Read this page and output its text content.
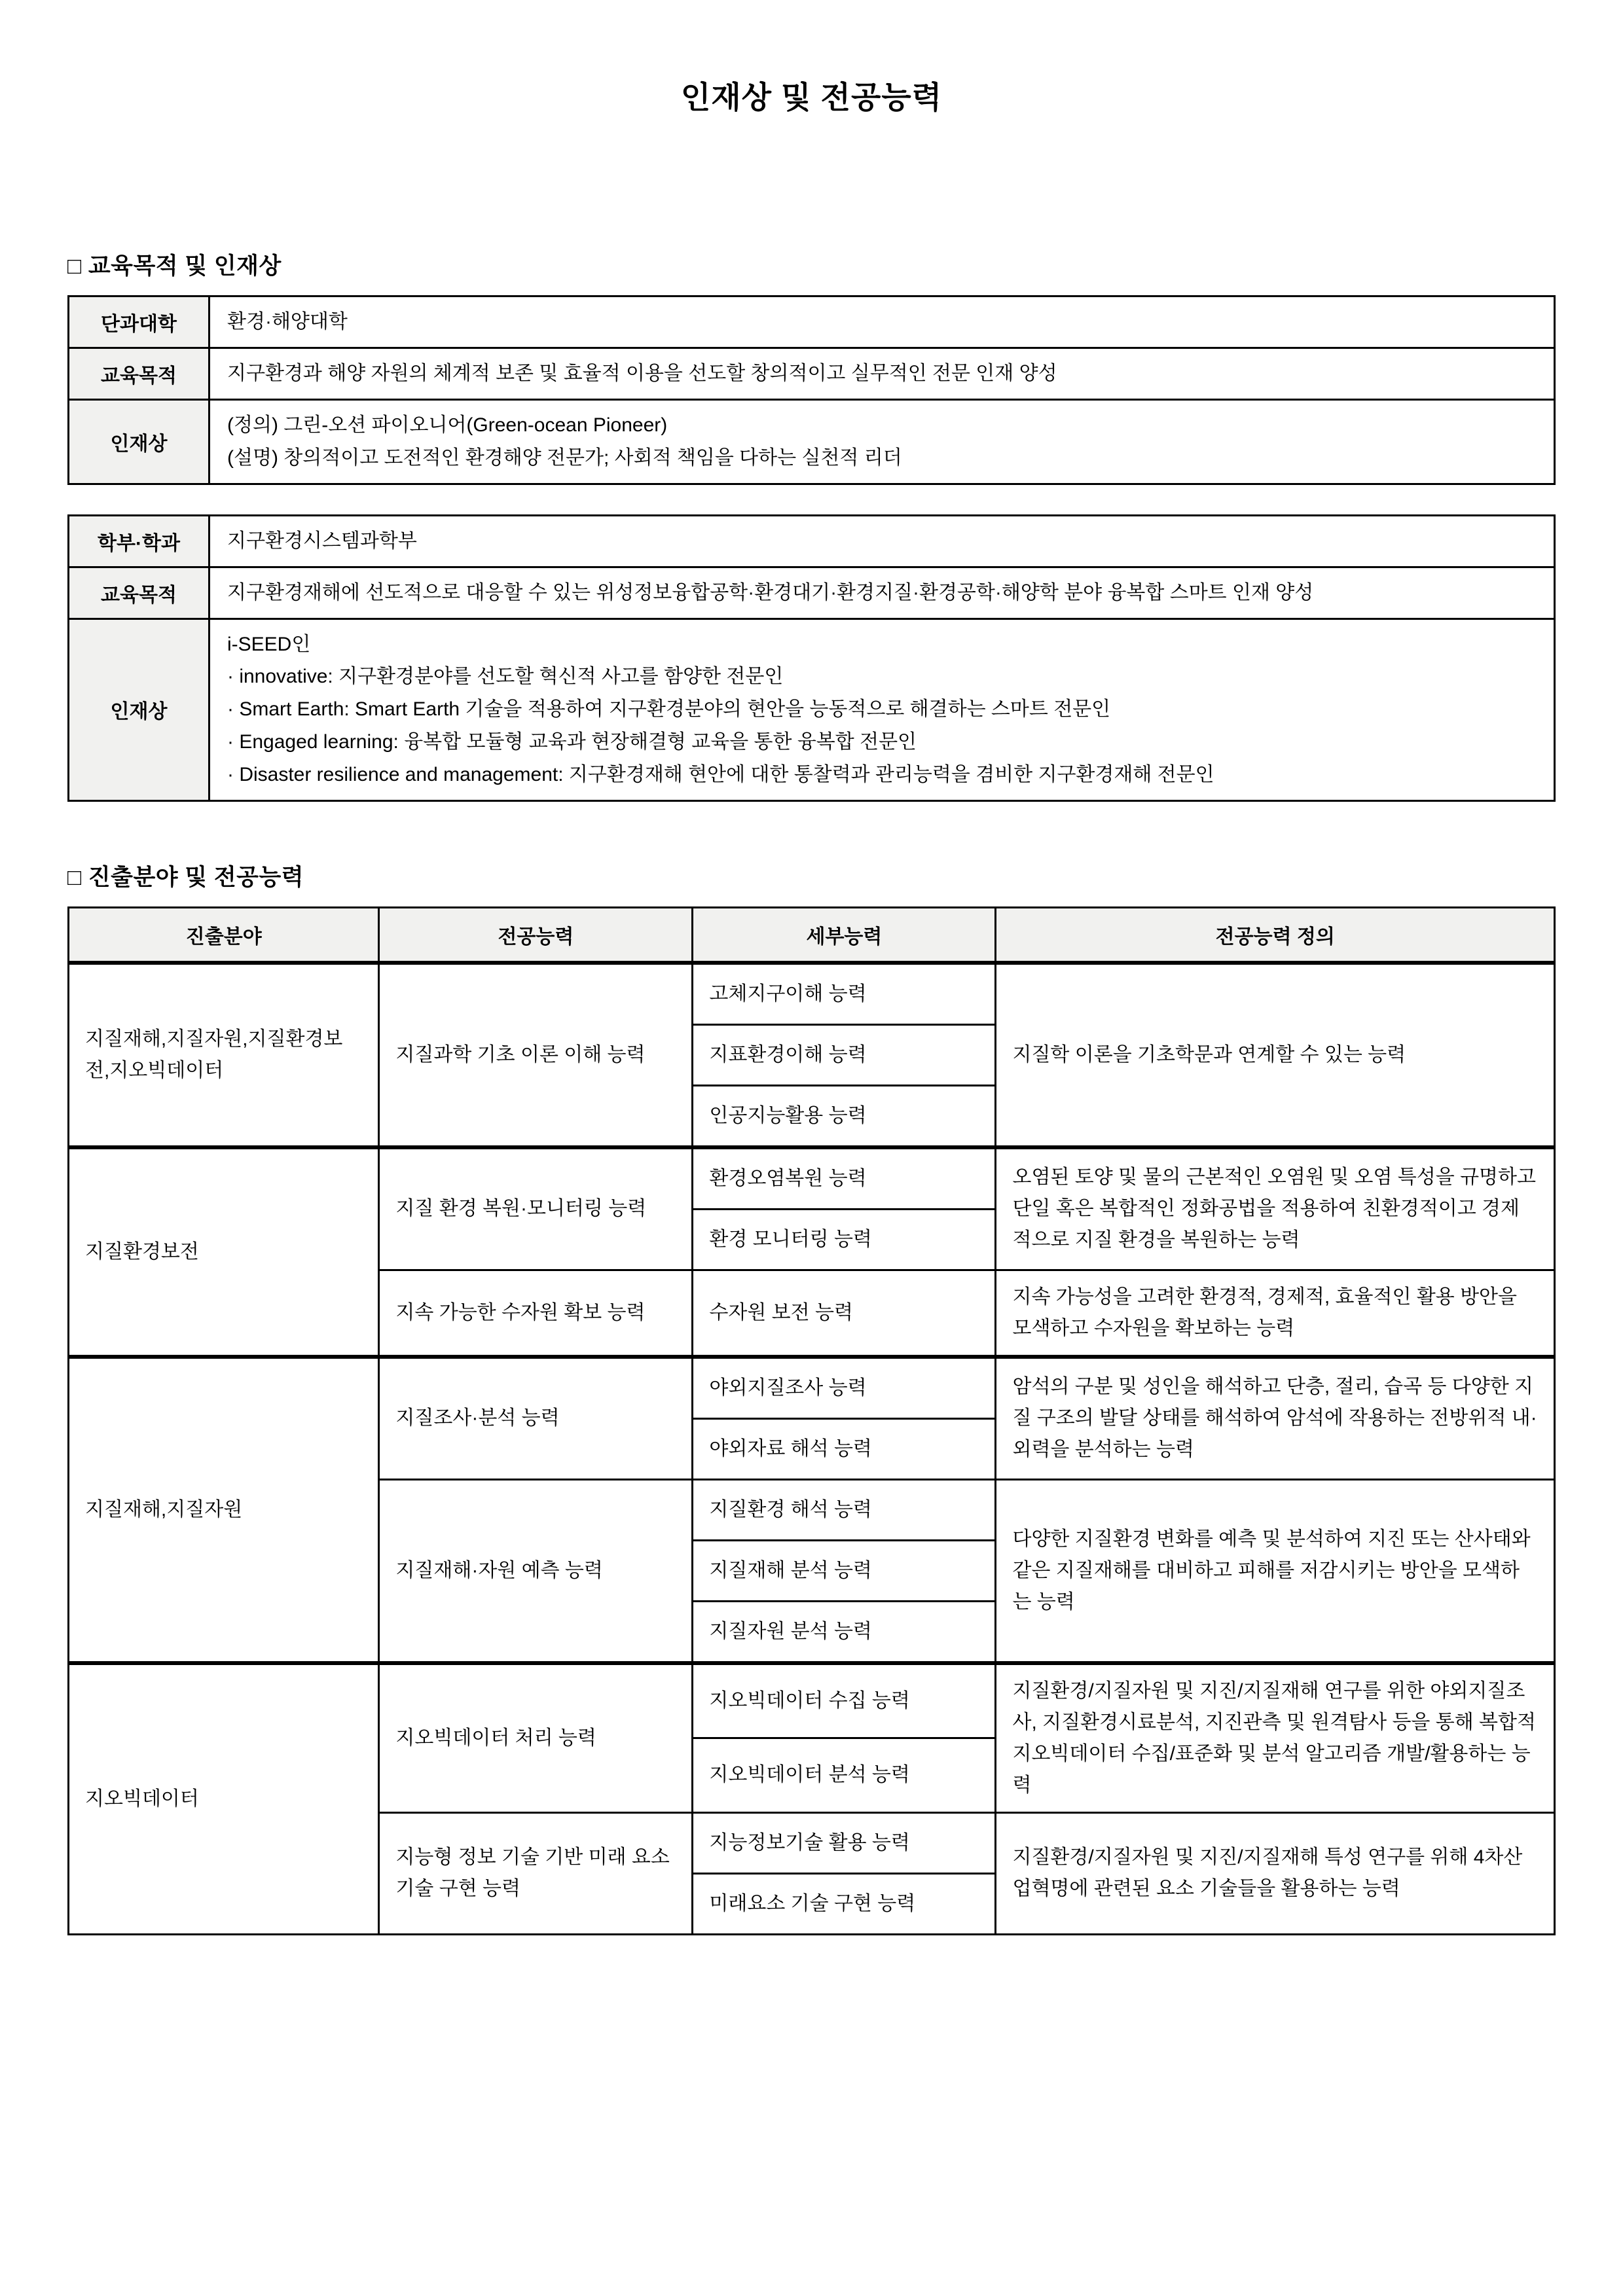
인재상 및 전공능력
□ 교육목적 및 인재상
단과대학	환경·해양대학

교육목적	지구환경과 해양 자원의 체계적 보존 및 효율적 이용을 선도할 창의적이고 실무적인 전문 인재 양성

인재상	(정의) 그린-오션 파이오니어(Green-ocean Pioneer)
(설명) 창의적이고 도전적인 환경해양 전문가; 사회적 책임을 다하는 실천적 리더
학부·학과	지구환경시스템과학부

교육목적	지구환경재해에 선도적으로 대응할 수 있는 위성정보융합공학·환경대기·환경지질·환경공학·해양학 분야 융복합 스마트 인재 양성

인재상	i-SEED인
· innovative: 지구환경분야를 선도할 혁신적 사고를 함양한 전문인
· Smart Earth: Smart Earth 기술을 적용하여 지구환경분야의 현안을 능동적으로 해결하는 스마트 전문인
· Engaged learning: 융복합 모듈형 교육과 현장해결형 교육을 통한 융복합 전문인
· Disaster resilience and management: 지구환경재해 현안에 대한 통찰력과 관리능력을 겸비한 지구환경재해 전문인
□ 진출분야 및 전공능력
진출분야	전공능력	세부능력	전공능력 정의
지질재해,지질자원,지질환경보전,지오빅데이터	지질과학 기초 이론 이해 능력	고체지구이해 능력	지질학 이론을 기초학문과 연계할 수 있는 능력
		지표환경이해 능력	
		인공지능활용 능력	
지질환경보전	지질 환경 복원·모니터링 능력	환경오염복원 능력	오염된 토양 및 물의 근본적인 오염원 및 오염 특성을 규명하고 단일 혹은 복합적인 정화공법을 적용하여 친환경적이고 경제적으로 지질 환경을 복원하는 능력
		환경 모니터링 능력	
	지속 가능한 수자원 확보 능력	수자원 보전 능력	지속 가능성을 고려한 환경적, 경제적, 효율적인 활용 방안을 모색하고 수자원을 확보하는 능력
지질재해,지질자원	지질조사·분석 능력	야외지질조사 능력	암석의 구분 및 성인을 해석하고 단층, 절리, 습곡 등 다양한 지질 구조의 발달 상태를 해석하여 암석에 작용하는 전방위적 내·외력을 분석하는 능력
		야외자료 해석 능력	
	지질재해·자원 예측 능력	지질환경 해석 능력	다양한 지질환경 변화를 예측 및 분석하여 지진 또는 산사태와 같은 지질재해를 대비하고 피해를 저감시키는 방안을 모색하는 능력
		지질재해 분석 능력	
		지질자원 분석 능력	
지오빅데이터	지오빅데이터 처리 능력	지오빅데이터 수집 능력	지질환경/지질자원 및 지진/지질재해 연구를 위한 야외지질조사, 지질환경시료분석, 지진관측 및 원격탐사 등을 통해 복합적 지오빅데이터 수집/표준화 및 분석 알고리즘 개발/활용하는 능력
		지오빅데이터 분석 능력	
	지능형 정보 기술 기반 미래 요소 기술 구현 능력	지능정보기술 활용 능력	지질환경/지질자원 및 지진/지질재해 특성 연구를 위해 4차산업혁명에 관련된 요소 기술들을 활용하는 능력
		미래요소 기술 구현 능력	
